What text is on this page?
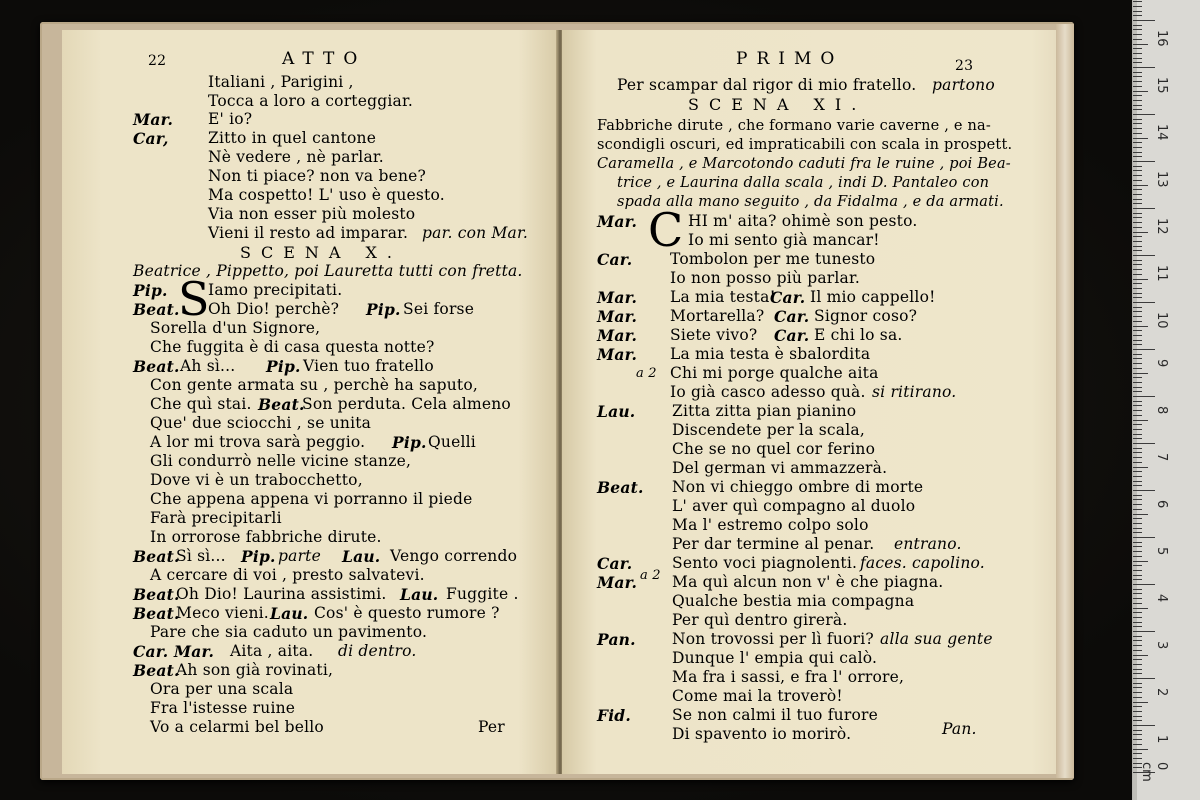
22	ATTO
Italiani , Parigini ,
Tocca a loro a corteggiar.
Mar. E' io?
Car,	Zitto in quel cantone
Nè vedere , nè parlar.
Non ti piace? non va bene?
Ma cospetto! L' uso è questo.
Via non esser più molesto
Vieni il resto ad imparar. par. con Mar.
SCENA X.
Beatrice , Pippetto, poi Lauretta tutti con fretta.
Pip. S
Iamo precipitati.
Beat. Oh Dio! perchè? Pip. Sei forse
Sorella d'un Signore,
Che fuggita è di casa questa notte?
Beat. Ah sì... Pip. Vien tuo fratello
Con gente armata su , perchè ha saputo,
Che quì stai. Beat.
Son perduta. Cela almeno
Que' due sciocchi , se unita
A lor mi trova sarà peggio. Pip. Quelli
Gli condurrò nelle vicine stanze,
Dove vi è un trabocchetto,
Che appena appena vi porranno il piede
Farà precipitarli
In orrorose fabbriche dirute.
Beat.
Sì sì... Pip. parte Lau. Vengo correndo
A cercare di voi , presto salvatevi.
Beat.
Oh Dio! Laurina assistimi. Lau. Fuggite .
Beat.
Meco vieni. Lau. Cos' è questo rumore ?
Pare che sia caduto un pavimento.
Car. Mar. Aita , aita. di dentro.
Beat.
Ah son già rovinati,
Ora per una scala
Fra l'istesse ruine
Vo a celarmi bel bello	Per
PRIMO	23
Per scampar dal rigor di mio fratello. partono
SCENA XI.
Fabbriche dirute , che formano varie caverne , e na-
scondigli oscuri, ed impraticabili con scala in prospett.
Caramella , e Marcotondo caduti fra le ruine , poi Bea-
trice , e Laurina dalla scala , indi D. Pantaleo con
spada alla mano seguito , da Fidalma , e da armati.
Mar. C HI m' aita? ohimè son pesto.
Io mi sento già mancar!
Car. Tombolon per me tunesto
Io non posso più parlar.
Mar. La mia testa!
Car. Il mio cappello!
Mar. Mortarella? Car. Signor coso?
Mar. Siete vivo? Car. E chi lo sa.
Mar. La mia testa è sbalordita
a 2 Chi mi porge qualche aita
Io già casco adesso quà. si ritirano.
Lau. Zitta zitta pian pianino
Discendete per la scala,
Che se no quel cor ferino
Del german vi ammazzerà.
Beat. Non vi chieggo ombre di morte
L' aver quì compagno al duolo
Ma l' estremo colpo solo
Per dar termine al penar. entrano.
Car.	Sento voci piagnolenti. faces. capolino.
Mar. a 2 Ma quì alcun non v' è che piagna.
Qualche bestia mia compagna
Per quì dentro girerà.
Pan. Non trovossi per lì fuori? alla sua gente
Dunque l' empia qui calò.
Ma fra i sassi, e fra l' orrore,
Come mai la troverò!
Fid.	Se non calmi il tuo furore
Di spavento io morirò.	Pan.
0 cm
1
2
3
4
5
6
7
8
9
10
11
12
13
14
15
16
